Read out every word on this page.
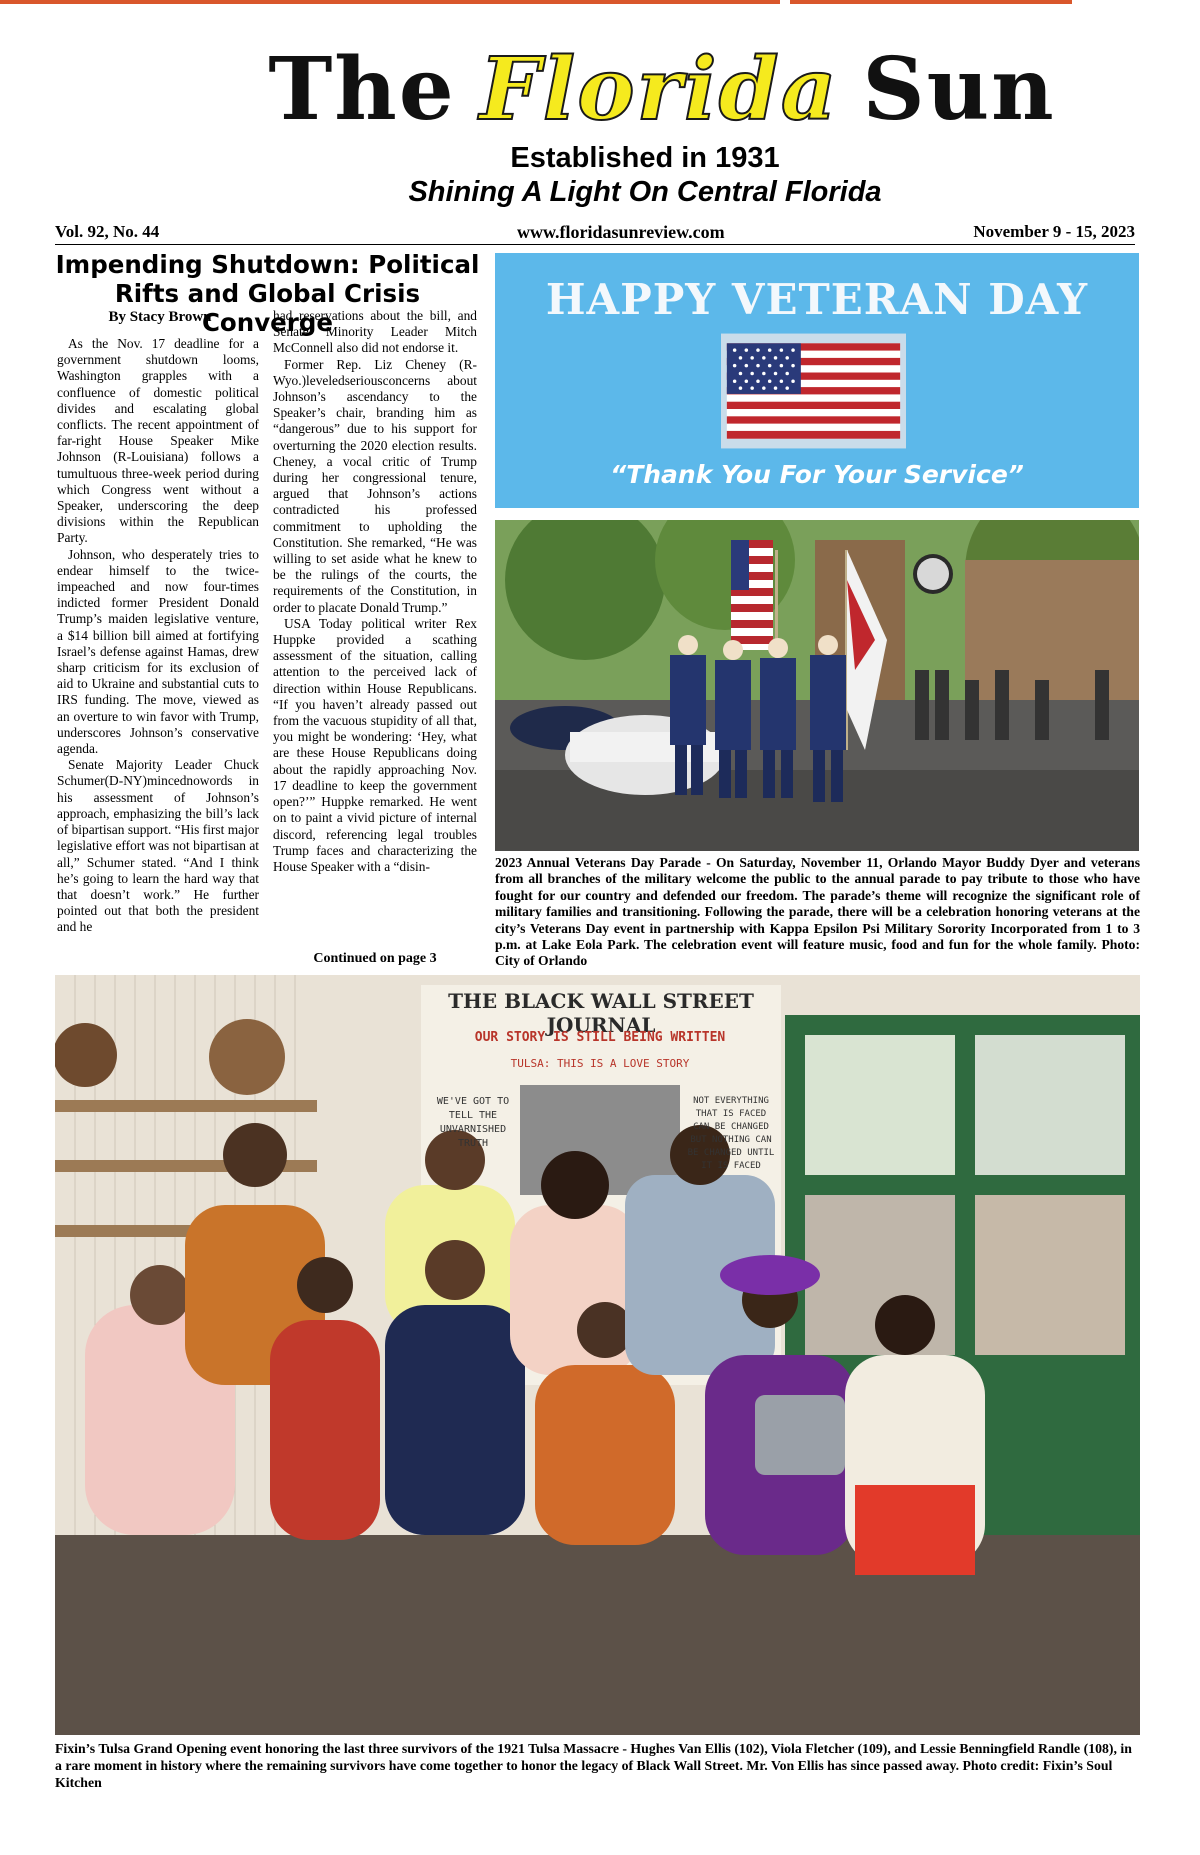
The Florida Sun
Established in 1931
Shining A Light On Central Florida
Vol. 92, No. 44	www.floridasunreview.com	November 9 - 15, 2023
Impending Shutdown: Political Rifts and Global Crisis Converge
By Stacy Brown

As the Nov. 17 deadline for a government shutdown looms, Washington grapples with a confluence of domestic political divides and escalating global conflicts. The recent appointment of far-right House Speaker Mike Johnson (R-Louisiana) follows a tumultuous three-week period during which Congress went without a Speaker, underscoring the deep divisions within the Republican Party.

Johnson, who desperately tries to endear himself to the twice-impeached and now four-times indicted former President Donald Trump’s maiden legislative venture, a $14 billion bill aimed at fortifying Israel’s defense against Hamas, drew sharp criticism for its exclusion of aid to Ukraine and substantial cuts to IRS funding. The move, viewed as an overture to win favor with Trump, underscores Johnson’s conservative agenda.

Senate Majority Leader Chuck Schumer(D-NY)mincednowords in his assessment of Johnson’s approach, emphasizing the bill’s lack of bipartisan support. “His first major legislative effort was not bipartisan at all,” Schumer stated. “And I think he’s going to learn the hard way that that doesn’t work.” He further pointed out that both the president and he

had reservations about the bill, and Senate Minority Leader Mitch McConnell also did not endorse it.

Former Rep. Liz Cheney (R-Wyo.)leveledseriousconcerns about Johnson’s ascendancy to the Speaker’s chair, branding him as “dangerous” due to his support for overturning the 2020 election results. Cheney, a vocal critic of Trump during her congressional tenure, argued that Johnson’s actions contradicted his professed commitment to upholding the Constitution. She remarked, “He was willing to set aside what he knew to be the rulings of the courts, the requirements of the Constitution, in order to placate Donald Trump.”

USA Today political writer Rex Huppke provided a scathing assessment of the situation, calling attention to the perceived lack of direction within House Republicans. “If you haven’t already passed out from the vacuous stupidity of all that, you might be wondering: ‘Hey, what are these House Republicans doing about the rapidly approaching Nov. 17 deadline to keep the government open?’” Huppke remarked. He went on to paint a vivid picture of internal discord, referencing legal troubles Trump faces and characterizing the House Speaker with a “disin-

Continued on page 3
HAPPY VETERAN DAY
“Thank You For Your Service”
2023 Annual Veterans Day Parade - On Saturday, November 11, Orlando Mayor Buddy Dyer and veterans from all branches of the military welcome the public to the annual parade to pay tribute to those who have fought for our country and defended our freedom. The parade’s theme will recognize the significant role of military families and transitioning. Following the parade, there will be a celebration honoring veterans at the city’s Veterans Day event in partnership with Kappa Epsilon Psi Military Sorority Incorporated from 1 to 3 p.m. at Lake Eola Park. The celebration event will feature music, food and fun for the whole family. Photo: City of Orlando
THE BLACK WALL STREET JOURNAL
OUR STORY IS STILL BEING WRITTEN
TULSA: THIS IS A LOVE STORY
WE'VE GOT TO TELL THE UNVARNISHED TRUTH
NOT EVERYTHING THAT IS FACED CAN BE CHANGED BUT NOTHING CAN BE CHANGED UNTIL IT IS FACED
Fixin’s Tulsa Grand Opening event honoring the last three survivors of the 1921 Tulsa Massacre - Hughes Van Ellis (102), Viola Fletcher (109), and Lessie Benningfield Randle (108), in a rare moment in history where the remaining survivors have come together to honor the legacy of Black Wall Street. Mr. Von Ellis has since passed away. Photo credit: Fixin’s Soul Kitchen
